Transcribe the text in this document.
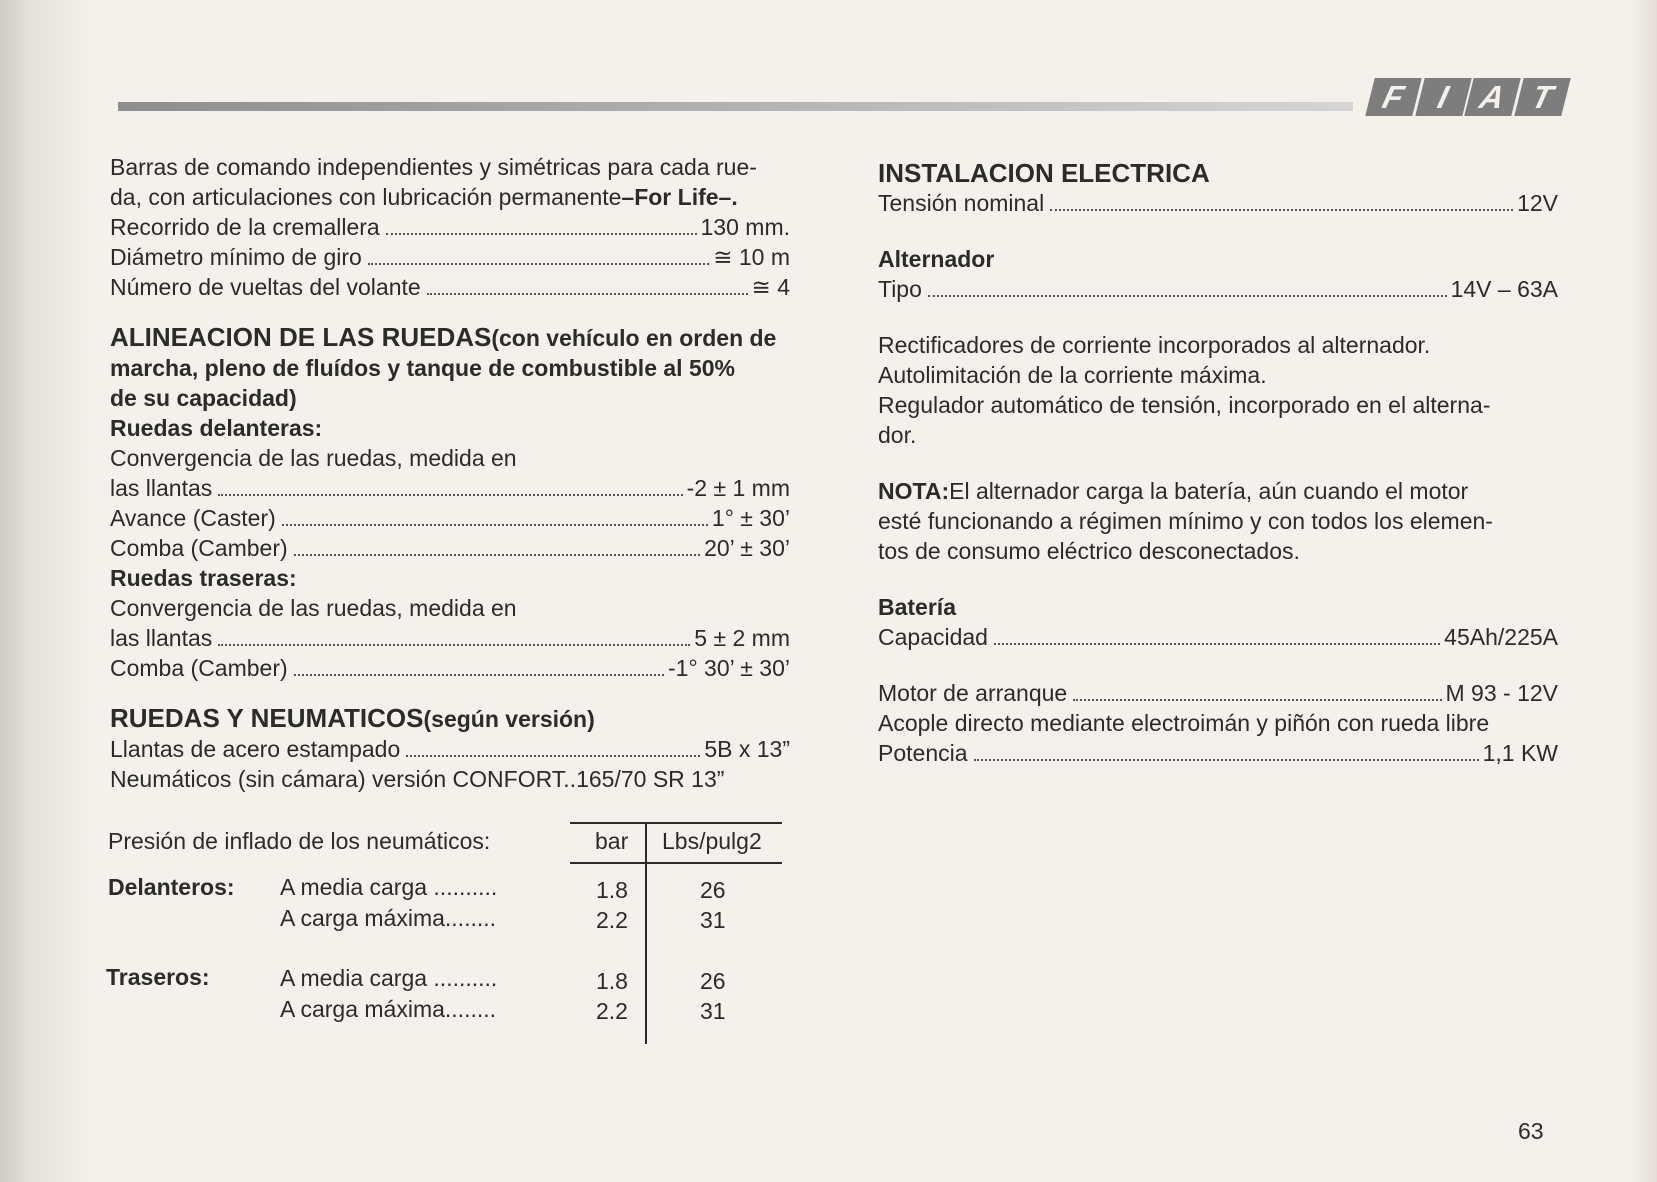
F I A T
Barras de comando independientes y simétricas para cada rue-
da, con articulaciones con lubricación permanente –For Life–.
Recorrido de la cremallera	130 mm.
Diámetro mínimo de giro	≅ 10 m
Número de vueltas del volante	≅ 4
ALINEACION DE LAS RUEDAS (con vehículo en orden de
marcha, pleno de fluídos y tanque de combustible al 50%
de su capacidad)
Ruedas delanteras:
Convergencia de las ruedas, medida en
las llantas	-2 ± 1 mm
Avance (Caster)	1° ± 30’
Comba (Camber)	20’ ± 30’
Ruedas traseras:
Convergencia de las ruedas, medida en
las llantas	5 ± 2 mm
Comba (Camber)	-1° 30’ ± 30’
RUEDAS Y NEUMATICOS (según versión)
Llantas de acero estampado	5B x 13”
Neumáticos (sin cámara) versión CONFORT.. 165/70 SR 13”
Presión de inflado de los neumáticos:	bar Lbs/pulg2
Delanteros: A media carga ..........	1.8	26
A carga máxima........	2.2	31
Traseros:	A media carga ..........	1.8	26
A carga máxima........	2.2	31
INSTALACION ELECTRICA
Tensión nominal	12V
Alternador
Tipo	14V – 63A
Rectificadores de corriente incorporados al alternador.
Autolimitación de la corriente máxima.
Regulador automático de tensión, incorporado en el alterna-
dor.
NOTA: El alternador carga la batería, aún cuando el motor
esté funcionando a régimen mínimo y con todos los elemen-
tos de consumo eléctrico desconectados.
Batería
Capacidad	45Ah/225A
Motor de arranque	M 93 - 12V
Acople directo mediante electroimán y piñón con rueda libre
Potencia	1,1 KW
63
